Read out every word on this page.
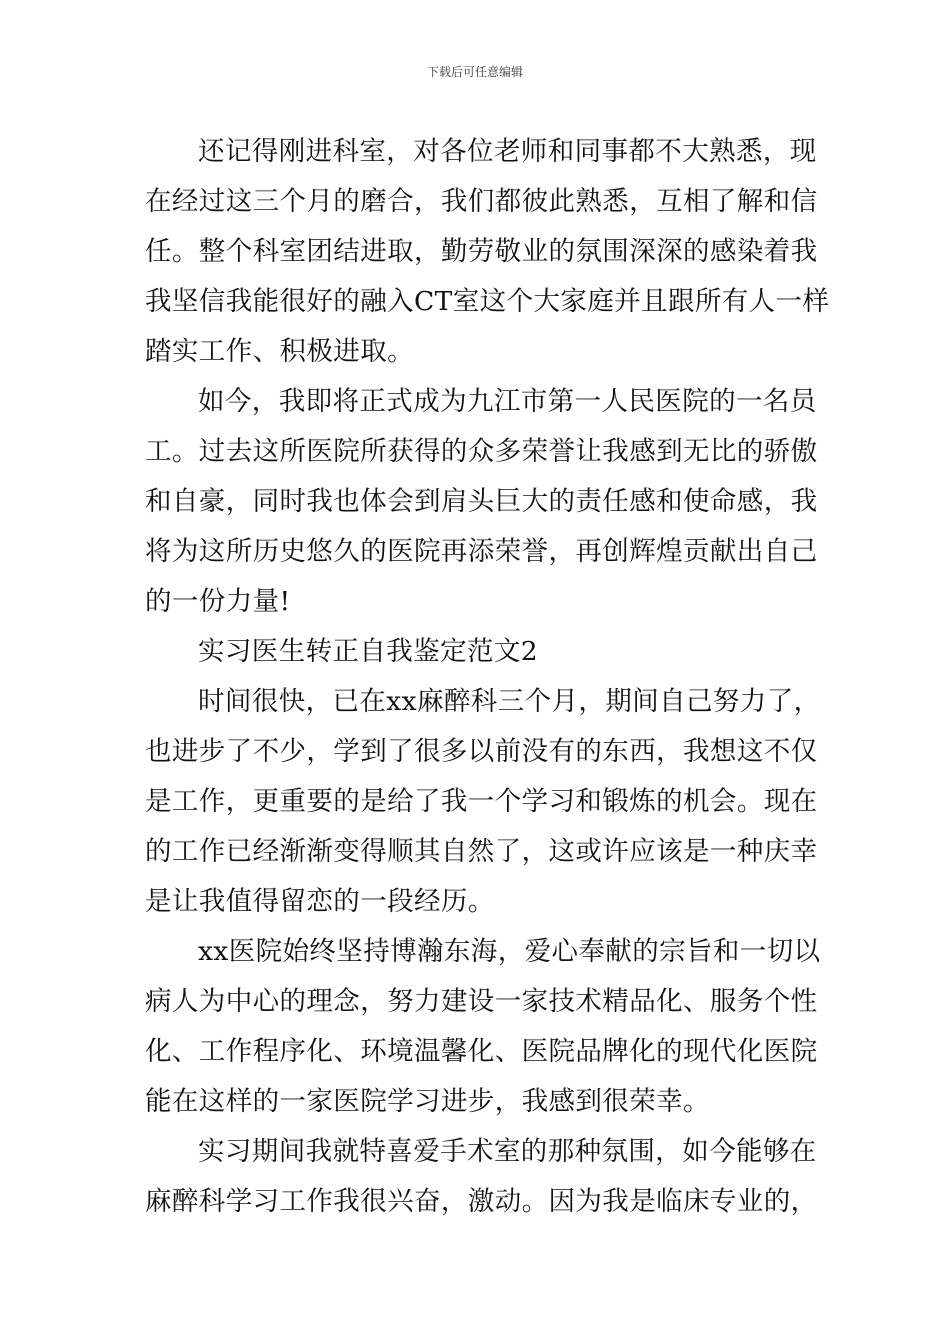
下载后可任意编辑

还记得刚进科室，对各位老师和同事都不大熟悉，现
在经过这三个月的磨合，我们都彼此熟悉，互相了解和信
任。整个科室团结进取，勤劳敬业的氛围深深的感染着我
我坚信我能很好的融入CT室这个大家庭并且跟所有人一样
踏实工作、积极进取。

如今，我即将正式成为九江市第一人民医院的一名员
工。过去这所医院所获得的众多荣誉让我感到无比的骄傲
和自豪，同时我也体会到肩头巨大的责任感和使命感，我
将为这所历史悠久的医院再添荣誉，再创辉煌贡献出自己
的一份力量!

实习医生转正自我鉴定范文2

时间很快，已在xx麻醉科三个月，期间自己努力了，
也进步了不少，学到了很多以前没有的东西，我想这不仅
是工作，更重要的是给了我一个学习和锻炼的机会。现在
的工作已经渐渐变得顺其自然了，这或许应该是一种庆幸
是让我值得留恋的一段经历。

xx医院始终坚持博瀚东海，爱心奉献的宗旨和一切以
病人为中心的理念，努力建设一家技术精品化、服务个性
化、工作程序化、环境温馨化、医院品牌化的现代化医院
能在这样的一家医院学习进步，我感到很荣幸。

实习期间我就特喜爱手术室的那种氛围，如今能够在
麻醉科学习工作我很兴奋，激动。因为我是临床专业的，
